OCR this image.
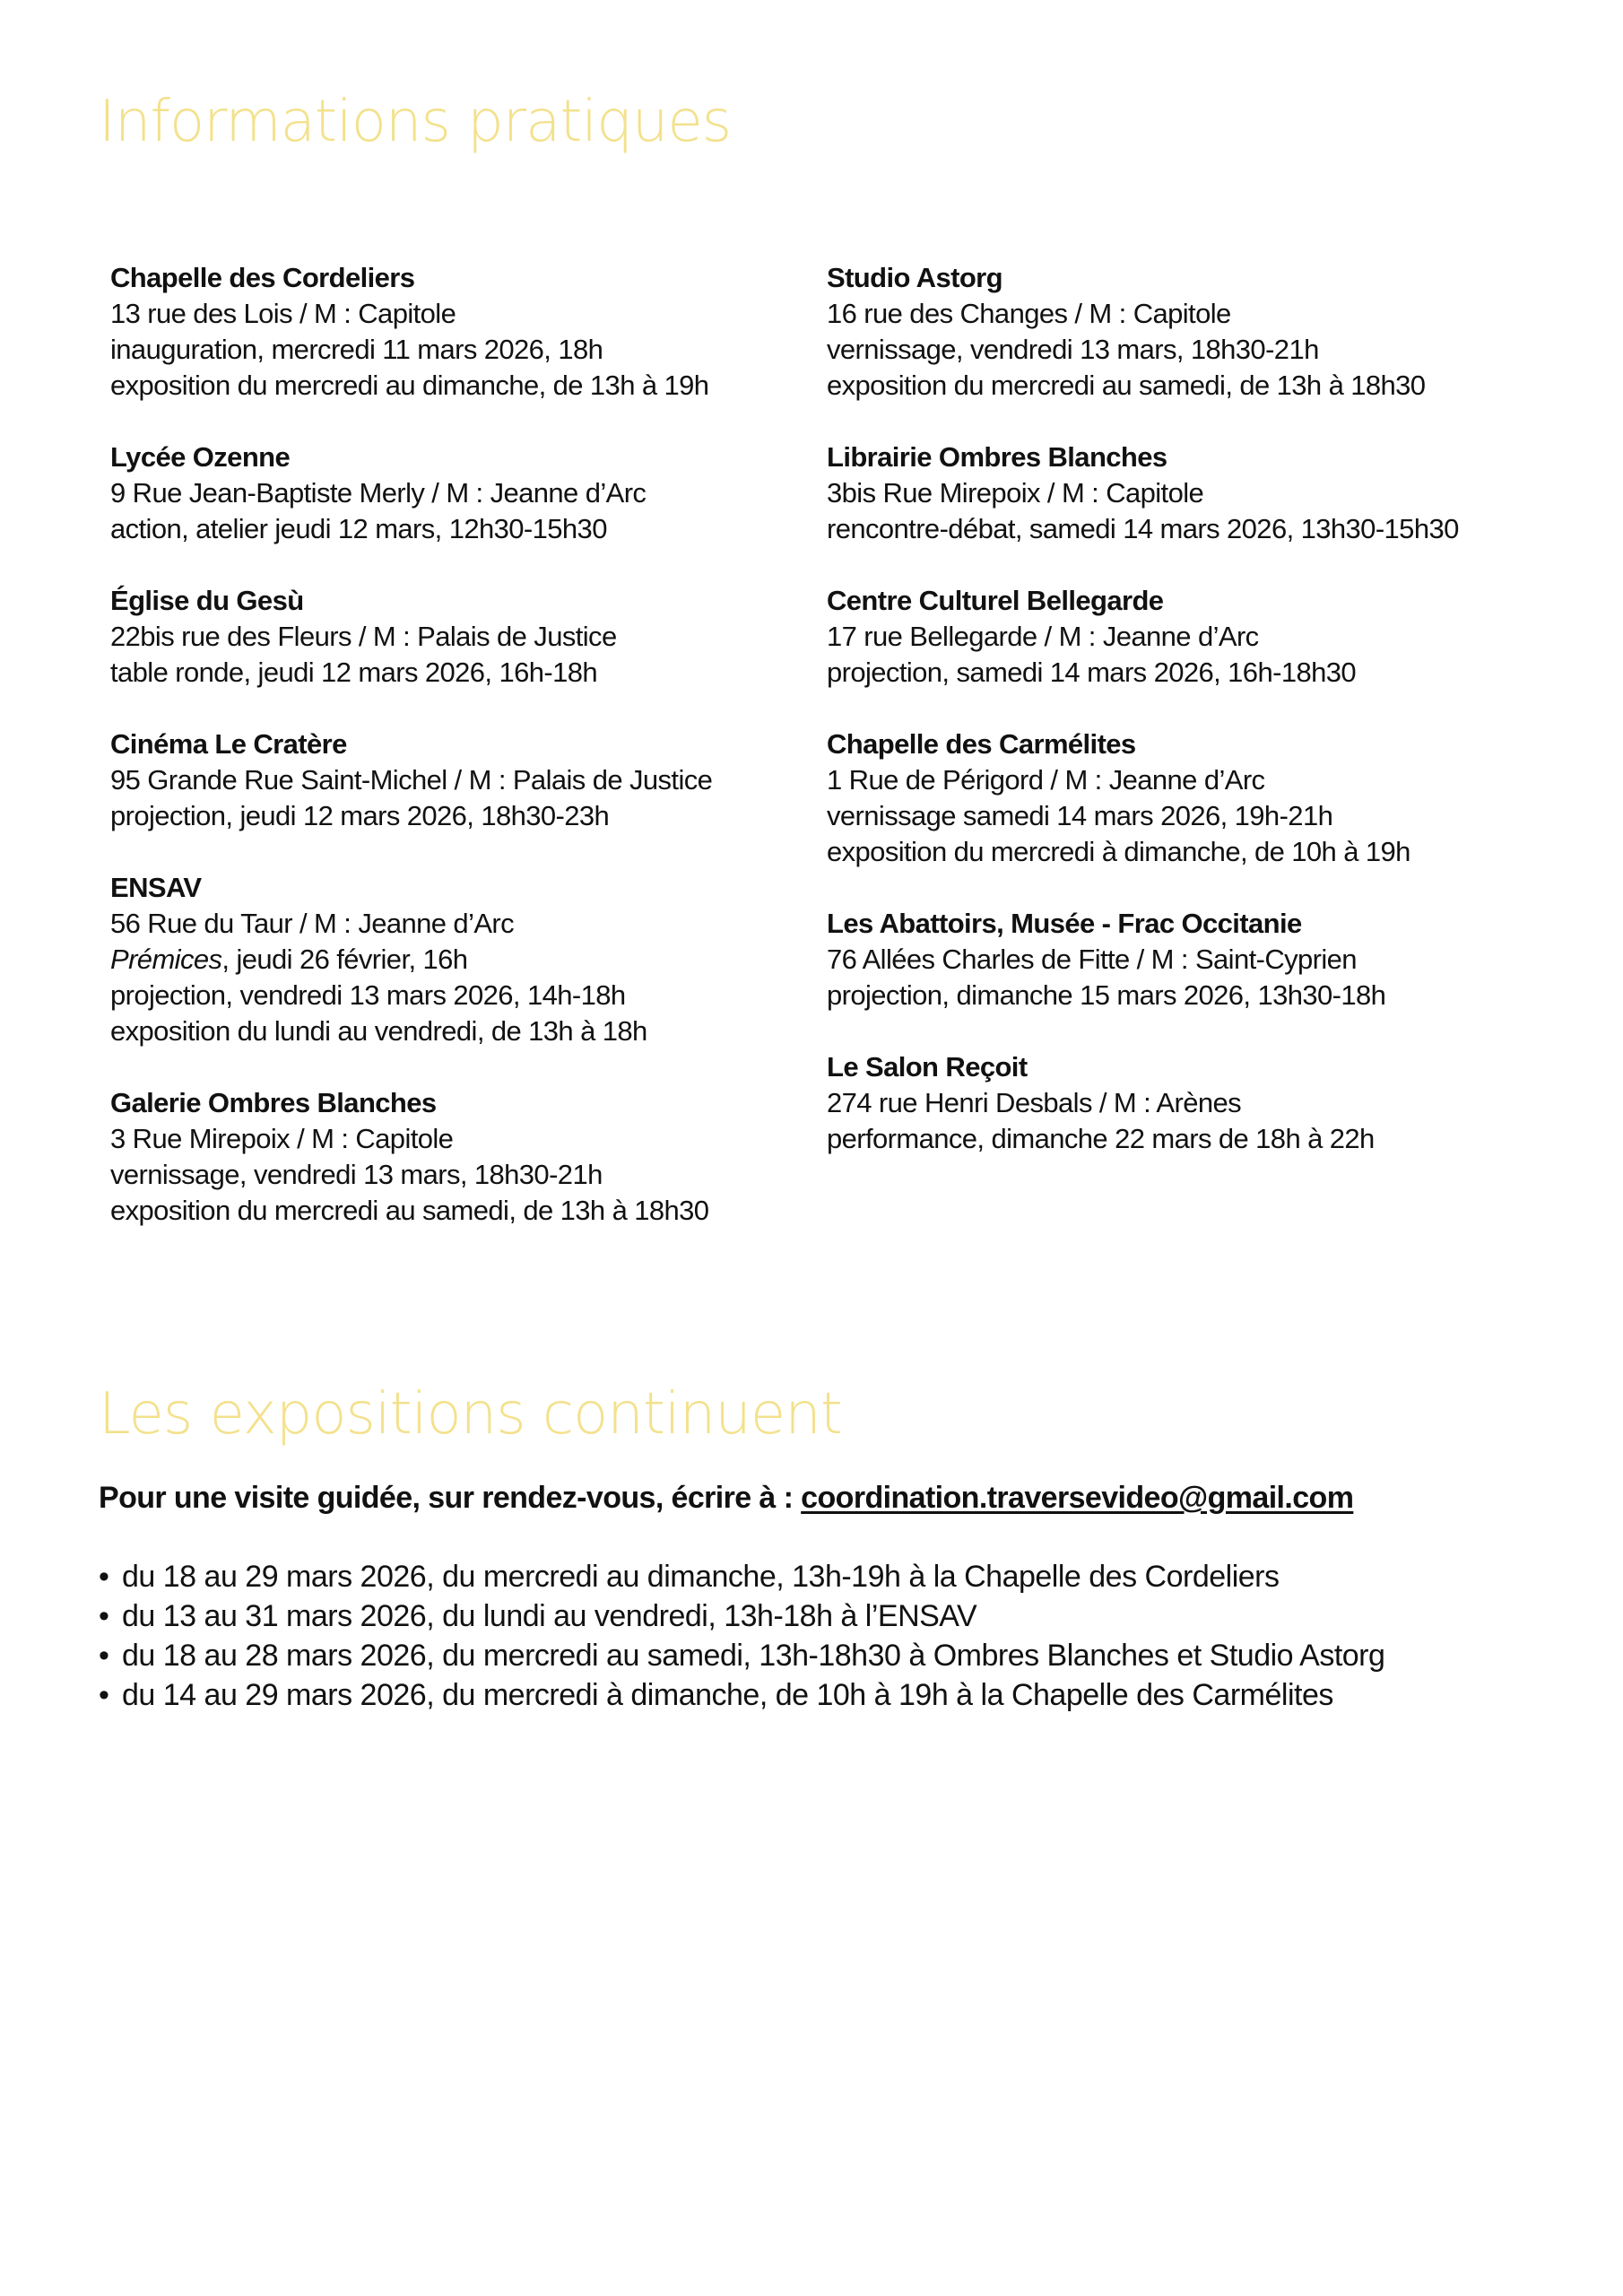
Informations pratiques
Chapelle des Cordeliers
13 rue des Lois / M : Capitole
inauguration, mercredi 11 mars 2026, 18h
exposition du mercredi au dimanche, de 13h à 19h
Lycée Ozenne
9 Rue Jean-Baptiste Merly / M : Jeanne d’Arc
action, atelier jeudi 12 mars, 12h30-15h30
Église du Gesù
22bis rue des Fleurs / M : Palais de Justice
table ronde, jeudi 12 mars 2026, 16h-18h
Cinéma Le Cratère
95 Grande Rue Saint-Michel / M : Palais de Justice
projection, jeudi 12 mars 2026, 18h30-23h
ENSAV
56 Rue du Taur / M : Jeanne d’Arc
Prémices, jeudi 26 février, 16h
projection, vendredi 13 mars 2026, 14h-18h
exposition du lundi au vendredi, de 13h à 18h
Galerie Ombres Blanches
3 Rue Mirepoix / M : Capitole
vernissage, vendredi 13 mars, 18h30-21h
exposition du mercredi au samedi, de 13h à 18h30
Studio Astorg
16 rue des Changes / M : Capitole
vernissage, vendredi 13 mars, 18h30-21h
exposition du mercredi au samedi, de 13h à 18h30
Librairie Ombres Blanches
3bis Rue Mirepoix / M : Capitole
rencontre-débat, samedi 14 mars 2026, 13h30-15h30
Centre Culturel Bellegarde
17 rue Bellegarde / M : Jeanne d’Arc
projection, samedi 14 mars 2026, 16h-18h30
Chapelle des Carmélites
1 Rue de Périgord / M : Jeanne d’Arc
vernissage samedi 14 mars 2026, 19h-21h
exposition du mercredi à dimanche, de 10h à 19h
Les Abattoirs, Musée - Frac Occitanie
76 Allées Charles de Fitte / M : Saint-Cyprien
projection, dimanche 15 mars 2026, 13h30-18h
Le Salon Reçoit
274 rue Henri Desbals / M : Arènes
performance, dimanche 22 mars de 18h à 22h
Les expositions continuent
Pour une visite guidée, sur rendez-vous, écrire à : coordination.traversevideo@gmail.com
• du 18 au 29 mars 2026, du mercredi au dimanche, 13h-19h à la Chapelle des Cordeliers
• du 13 au 31 mars 2026, du lundi au vendredi, 13h-18h à l’ENSAV
• du 18 au 28 mars 2026, du mercredi au samedi, 13h-18h30 à Ombres Blanches et Studio Astorg
• du 14 au 29 mars 2026, du mercredi à dimanche, de 10h à 19h à la Chapelle des Carmélites
